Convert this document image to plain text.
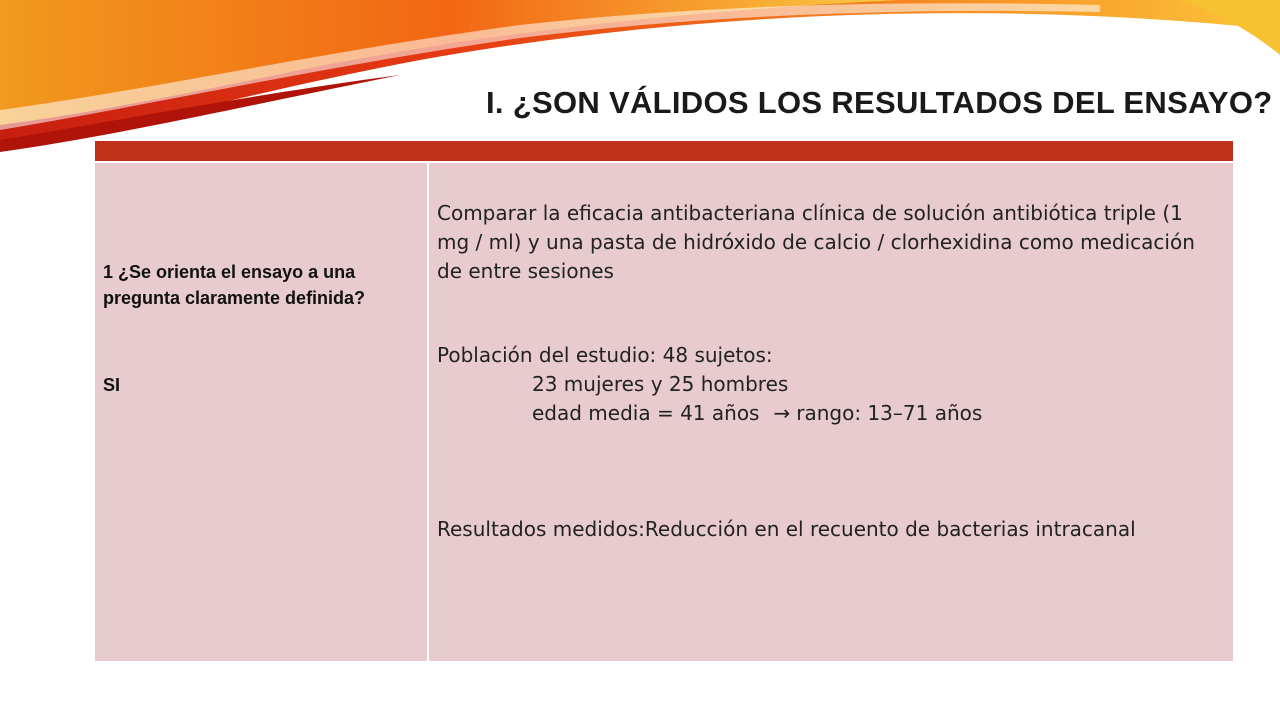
I. ¿SON VÁLIDOS LOS RESULTADOS DEL ENSAYO?
1 ¿Se orienta el ensayo a una pregunta claramente definida?
SI
Comparar la eficacia antibacteriana clínica de solución antibiótica triple (1 mg / ml) y una pasta de hidróxido de calcio / clorhexidina como medicación de entre sesiones
Población del estudio: 48 sujetos:
23 mujeres y 25 hombres
edad media = 41 años → rango: 13–71 años
Resultados medidos:Reducción en el recuento de bacterias intracanal
